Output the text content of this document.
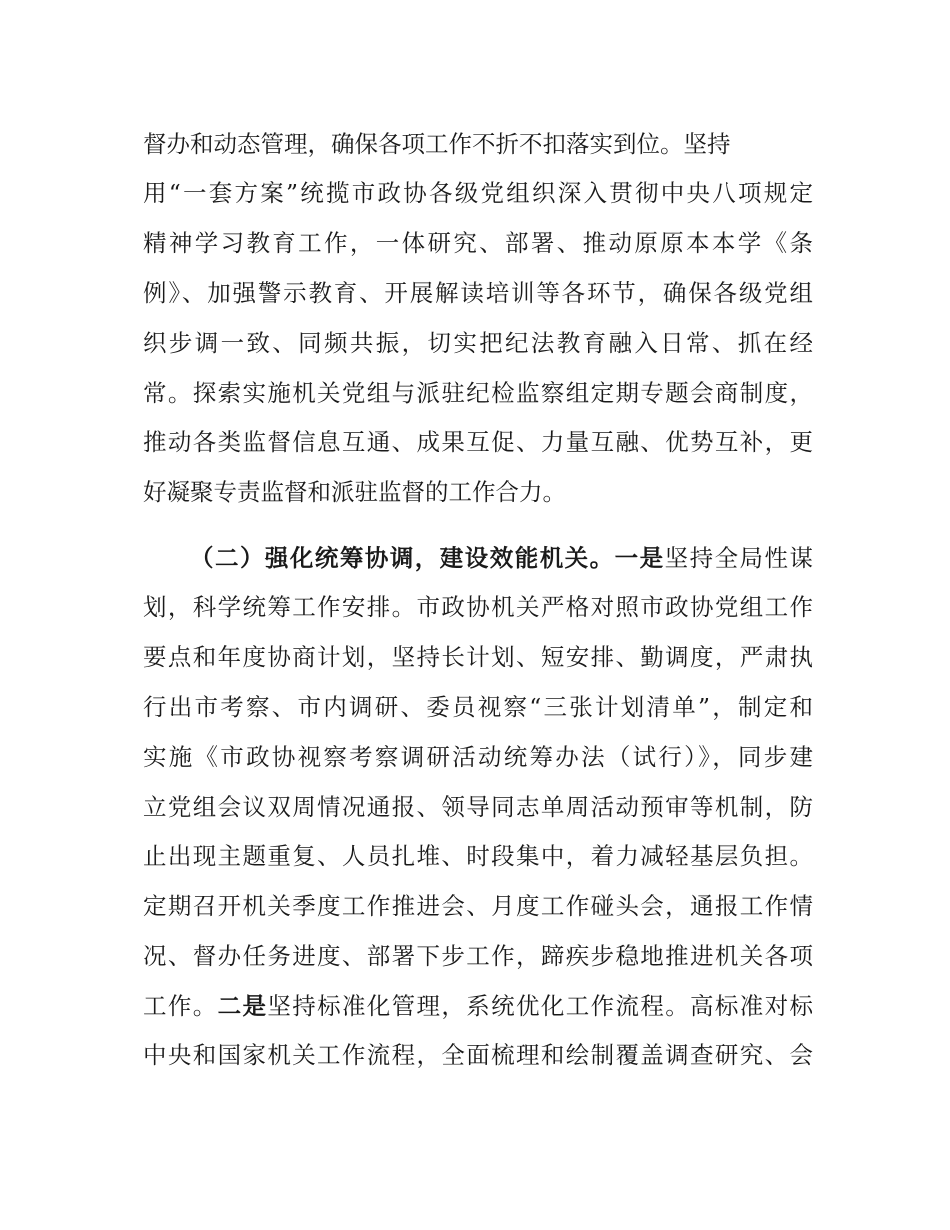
督办和动态管理，确保各项工作不折不扣落实到位。坚持
用“一套方案”统揽市政协各级党组织深入贯彻中央八项规定
精神学习教育工作，一体研究、部署、推动原原本本学《条
例》、加强警示教育、开展解读培训等各环节，确保各级党组
织步调一致、同频共振，切实把纪法教育融入日常、抓在经
常。探索实施机关党组与派驻纪检监察组定期专题会商制度，
推动各类监督信息互通、成果互促、力量互融、优势互补，更
好凝聚专责监督和派驻监督的工作合力。
（二）强化统筹协调，建设效能机关。一是坚持全局性谋
划，科学统筹工作安排。市政协机关严格对照市政协党组工作
要点和年度协商计划，坚持长计划、短安排、勤调度，严肃执
行出市考察、市内调研、委员视察“三张计划清单”，制定和
实施《市政协视察考察调研活动统筹办法（试行）》，同步建
立党组会议双周情况通报、领导同志单周活动预审等机制，防
止出现主题重复、人员扎堆、时段集中，着力减轻基层负担。
定期召开机关季度工作推进会、月度工作碰头会，通报工作情
况、督办任务进度、部署下步工作，蹄疾步稳地推进机关各项
工作。二是坚持标准化管理，系统优化工作流程。高标准对标
中央和国家机关工作流程，全面梳理和绘制覆盖调查研究、会
